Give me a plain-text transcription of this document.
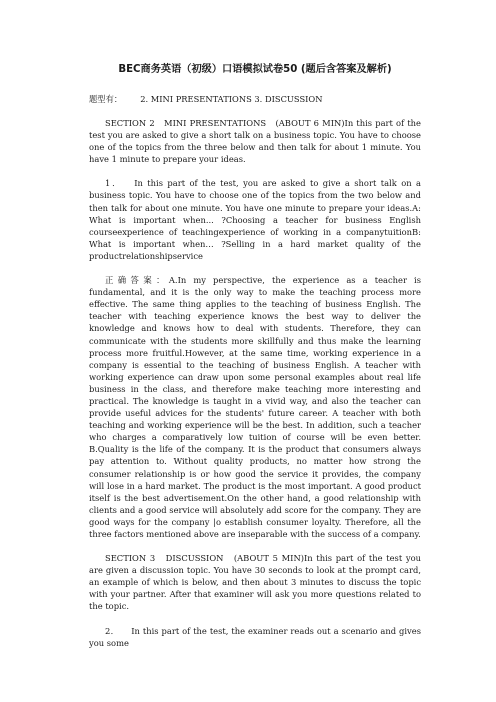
BEC商务英语（初级）口语模拟试卷50 (题后含答案及解析)
题型有： 2. MINI PRESENTATIONS 3. DISCUSSION

SECTION 2　MINI PRESENTATIONS　(ABOUT 6 MIN)In this part of the test you are asked to give a short talk on a business topic. You have to choose one of the topics from the three below and then talk for about 1 minute. You have 1 minute to prepare your ideas.

1． In this part of the test, you are asked to give a short talk on a business topic. You have to choose one of the topics from the two below and then talk for about one minute. You have one minute to prepare your ideas.A: What is important when... ?Choosing a teacher for business English courseexperience of teachingexperience of working in a companytuitionB: What is important when… ?Selling in a hard market quality of the productrelationshipservice

正确答案：A.In my perspective, the experience as a teacher is fundamental, and it is the only way to make the teaching process more effective. The same thing applies to the teaching of business English. The teacher with teaching experience knows the best way to deliver the knowledge and knows how to deal with students. Therefore, they can communicate with the students more skillfully and thus make the learning process more fruitful.However, at the same time, working experience in a company is essential to the teaching of business English. A teacher with working experience can draw upon some personal examples about real life business in the class, and therefore make teaching more interesting and practical. The knowledge is taught in a vivid way, and also the teacher can provide useful advices for the students' future career. A teacher with both teaching and working experience will be the best. In addition, such a teacher who charges a comparatively low tuition of course will be even better. B.Quality is the life of the company. It is the product that consumers always pay attention to. Without quality products, no matter how strong the consumer relationship is or how good the service it provides, the company will lose in a hard market. The product is the most important. A good product itself is the best advertisement.On the other hand, a good relationship with clients and a good service will absolutely add score for the company. They are good ways for the company |o establish consumer loyalty. Therefore, all the three factors mentioned above are inseparable with the success of a company.

SECTION 3　DISCUSSION　(ABOUT 5 MIN)In this part of the test you are given a discussion topic. You have 30 seconds to look at the prompt card, an example of which is below, and then about 3 minutes to discuss the topic with your partner. After that examiner will ask you more questions related to the topic.

2． In this part of the test, the examiner reads out a scenario and gives you some
